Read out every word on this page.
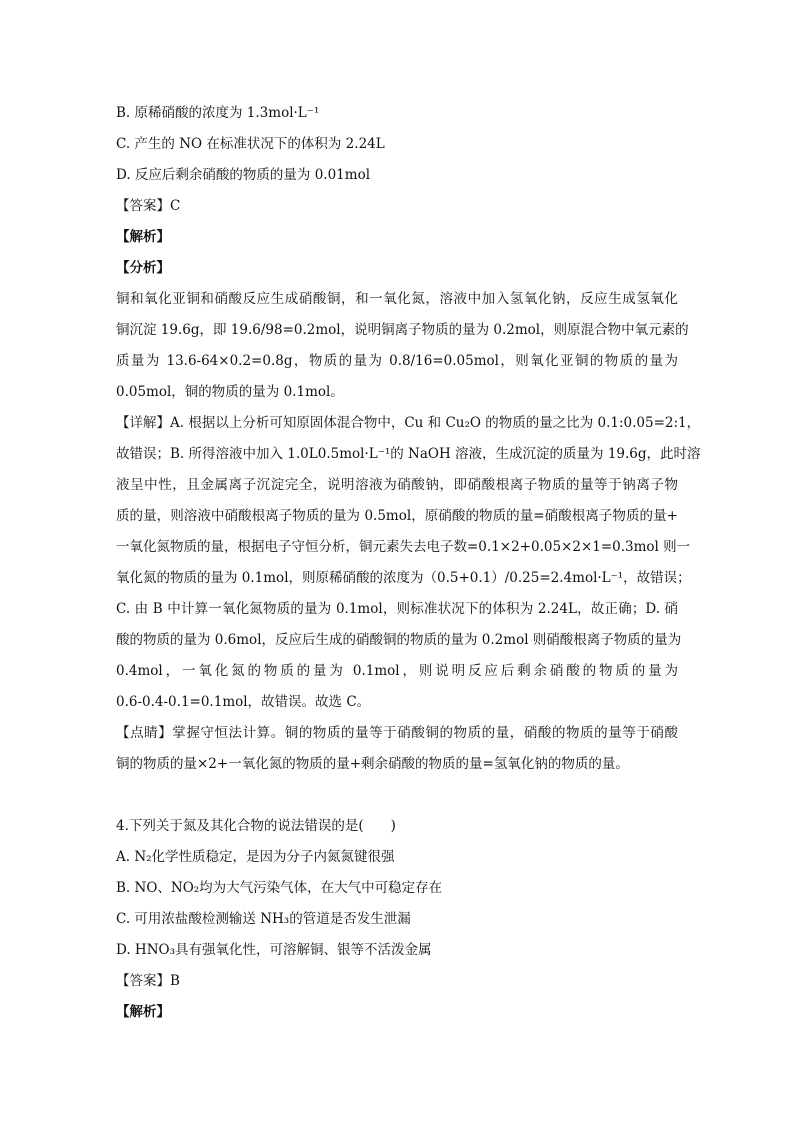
B. 原稀硝酸的浓度为 1.3mol·L⁻¹
C. 产生的 NO 在标准状况下的体积为 2.24L
D. 反应后剩余硝酸的物质的量为 0.01mol
【答案】C
【解析】
【分析】
铜和氧化亚铜和硝酸反应生成硝酸铜，和一氧化氮，溶液中加入氢氧化钠，反应生成氢氧化
铜沉淀 19.6g，即 19.6/98=0.2mol，说明铜离子物质的量为 0.2mol，则原混合物中氧元素的
质量为 13.6-64×0.2=0.8g，物质的量为 0.8/16=0.05mol，则氧化亚铜的物质的量为
0.05mol，铜的物质的量为 0.1mol。
【详解】A. 根据以上分析可知原固体混合物中，Cu 和 Cu₂O 的物质的量之比为 0.1:0.05=2:1，
故错误；B. 所得溶液中加入 1.0L0.5mol·L⁻¹的 NaOH 溶液，生成沉淀的质量为 19.6g，此时溶
液呈中性，且金属离子沉淀完全，说明溶液为硝酸钠，即硝酸根离子物质的量等于钠离子物
质的量，则溶液中硝酸根离子物质的量为 0.5mol，原硝酸的物质的量=硝酸根离子物质的量+
一氧化氮物质的量，根据电子守恒分析，铜元素失去电子数=0.1×2+0.05×2×1=0.3mol 则一
氧化氮的物质的量为 0.1mol，则原稀硝酸的浓度为（0.5+0.1）/0.25=2.4mol·L⁻¹，故错误；
C. 由 B 中计算一氧化氮物质的量为 0.1mol，则标准状况下的体积为 2.24L，故正确；D. 硝
酸的物质的量为 0.6mol，反应后生成的硝酸铜的物质的量为 0.2mol 则硝酸根离子物质的量为
0.4mol，一氧化氮的物质的量为 0.1mol，则说明反应后剩余硝酸的物质的量为
0.6-0.4-0.1=0.1mol，故错误。故选 C。
【点睛】掌握守恒法计算。铜的物质的量等于硝酸铜的物质的量，硝酸的物质的量等于硝酸
铜的物质的量×2+一氧化氮的物质的量+剩余硝酸的物质的量=氢氧化钠的物质的量。
4.下列关于氮及其化合物的说法错误的是(　　)
A. N₂化学性质稳定，是因为分子内氮氮键很强
B. NO、NO₂均为大气污染气体，在大气中可稳定存在
C. 可用浓盐酸检测输送 NH₃的管道是否发生泄漏
D. HNO₃具有强氧化性，可溶解铜、银等不活泼金属
【答案】B
【解析】
